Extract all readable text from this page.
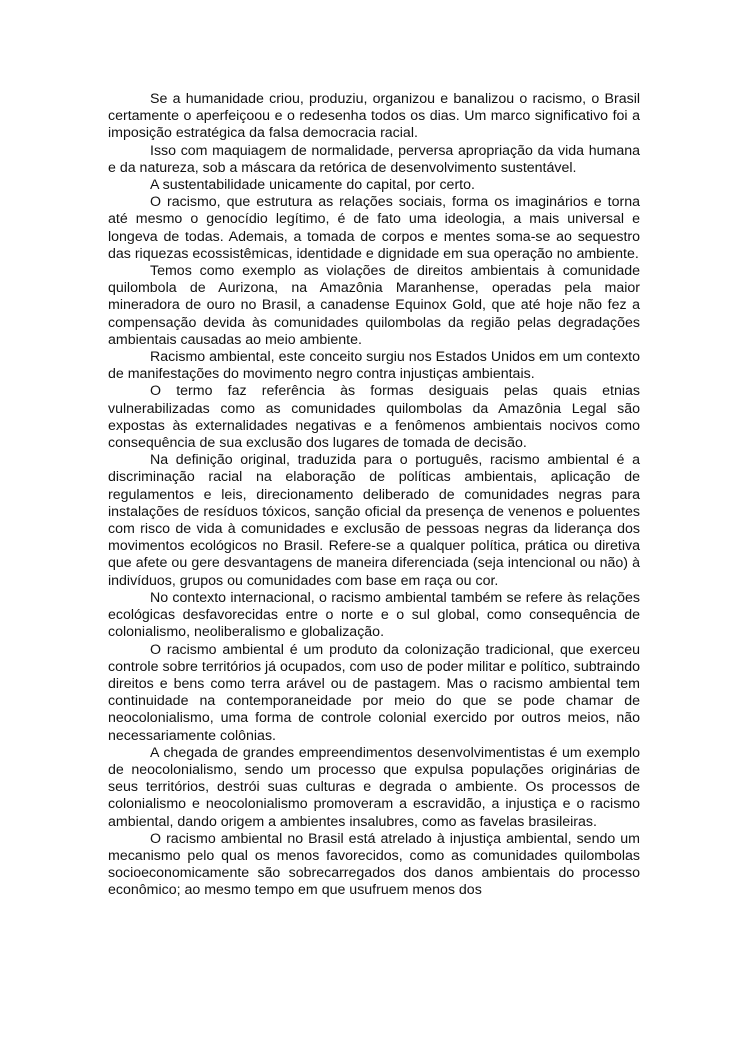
Se a humanidade criou, produziu, organizou e banalizou o racismo, o Brasil certamente o aperfeiçoou e o redesenha todos os dias. Um marco significativo foi a imposição estratégica da falsa democracia racial.

Isso com maquiagem de normalidade, perversa apropriação da vida humana e da natureza, sob a máscara da retórica de desenvolvimento sustentável.

A sustentabilidade unicamente do capital, por certo.

O racismo, que estrutura as relações sociais, forma os imaginários e torna até mesmo o genocídio legítimo, é de fato uma ideologia, a mais universal e longeva de todas. Ademais, a tomada de corpos e mentes soma-se ao sequestro das riquezas ecossistêmicas, identidade e dignidade em sua operação no ambiente.

Temos como exemplo as violações de direitos ambientais à comunidade quilombola de Aurizona, na Amazônia Maranhense, operadas pela maior mineradora de ouro no Brasil, a canadense Equinox Gold, que até hoje não fez a compensação devida às comunidades quilombolas da região pelas degradações ambientais causadas ao meio ambiente.

Racismo ambiental, este conceito surgiu nos Estados Unidos em um contexto de manifestações do movimento negro contra injustiças ambientais.

O termo faz referência às formas desiguais pelas quais etnias vulnerabilizadas como as comunidades quilombolas da Amazônia Legal são expostas às externalidades negativas e a fenômenos ambientais nocivos como consequência de sua exclusão dos lugares de tomada de decisão.

Na definição original, traduzida para o português, racismo ambiental é a discriminação racial na elaboração de políticas ambientais, aplicação de regulamentos e leis, direcionamento deliberado de comunidades negras para instalações de resíduos tóxicos, sanção oficial da presença de venenos e poluentes com risco de vida à comunidades e exclusão de pessoas negras da liderança dos movimentos ecológicos no Brasil. Refere-se a qualquer política, prática ou diretiva que afete ou gere desvantagens de maneira diferenciada (seja intencional ou não) à indivíduos, grupos ou comunidades com base em raça ou cor.

No contexto internacional, o racismo ambiental também se refere às relações ecológicas desfavorecidas entre o norte e o sul global, como consequência de colonialismo, neoliberalismo e globalização.

O racismo ambiental é um produto da colonização tradicional, que exerceu controle sobre territórios já ocupados, com uso de poder militar e político, subtraindo direitos e bens como terra arável ou de pastagem. Mas o racismo ambiental tem continuidade na contemporaneidade por meio do que se pode chamar de neocolonialismo, uma forma de controle colonial exercido por outros meios, não necessariamente colônias.

A chegada de grandes empreendimentos desenvolvimentistas é um exemplo de neocolonialismo, sendo um processo que expulsa populações originárias de seus territórios, destrói suas culturas e degrada o ambiente. Os processos de colonialismo e neocolonialismo promoveram a escravidão, a injustiça e o racismo ambiental, dando origem a ambientes insalubres, como as favelas brasileiras.

O racismo ambiental no Brasil está atrelado à injustiça ambiental, sendo um mecanismo pelo qual os menos favorecidos, como as comunidades quilombolas socioeconomicamente são sobrecarregados dos danos ambientais do processo econômico; ao mesmo tempo em que usufruem menos dos
